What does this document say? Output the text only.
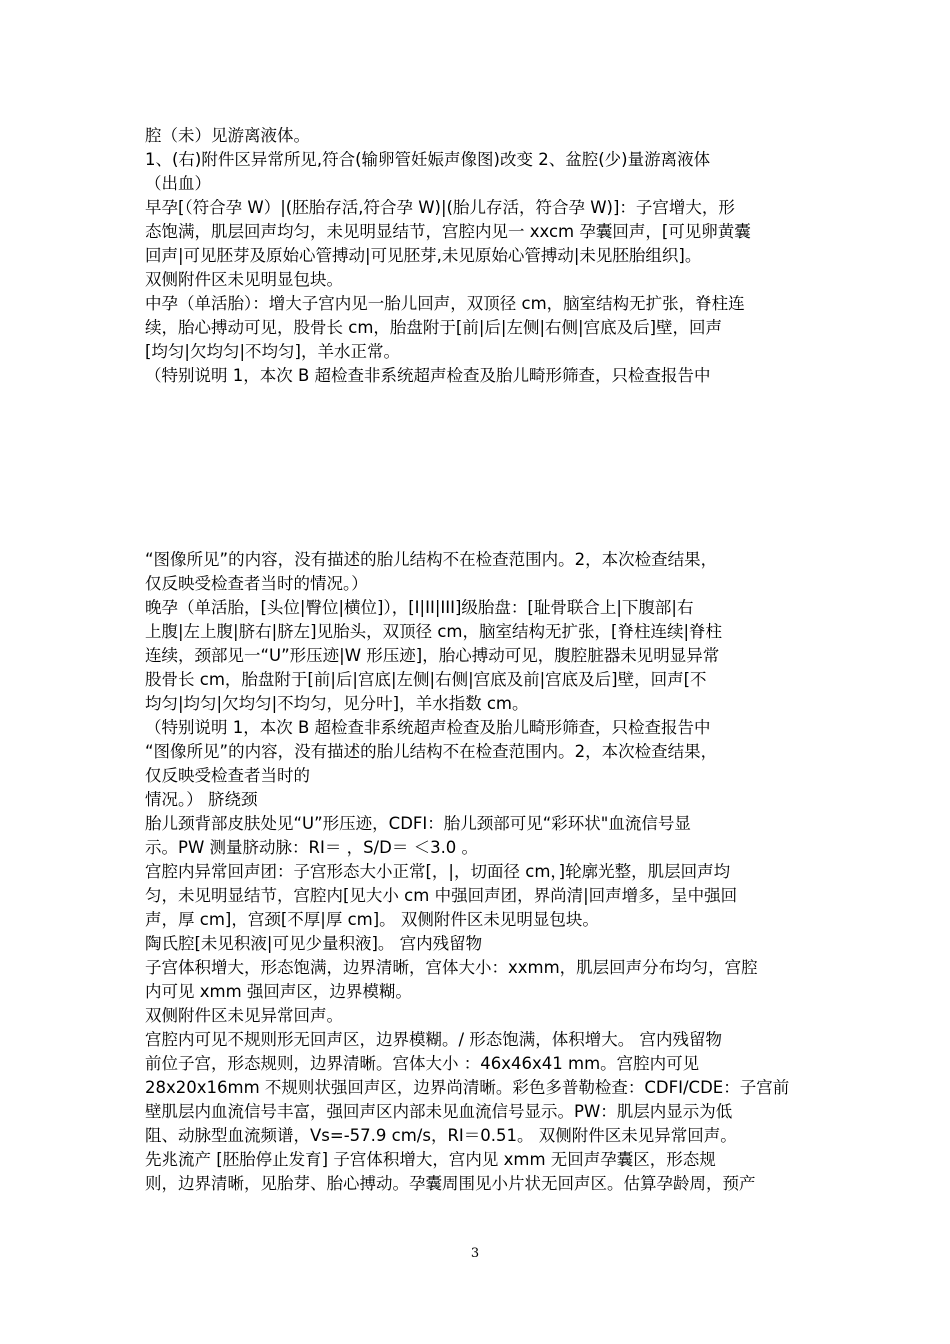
腔（未）见游离液体。
1、(右)附件区异常所见,符合(输卵管妊娠声像图)改变 2、盆腔(少)量游离液体
（出血）
早孕[（符合孕 W）|(胚胎存活,符合孕 W)|(胎儿存活，符合孕 W)]：子宫增大，形
态饱满，肌层回声均匀，未见明显结节，宫腔内见一 xxcm 孕囊回声，[可见卵黄囊
回声|可见胚芽及原始心管搏动|可见胚芽,未见原始心管搏动|未见胚胎组织]。
双侧附件区未见明显包块。
中孕（单活胎）：增大子宫内见一胎儿回声，双顶径 cm，脑室结构无扩张，脊柱连
续，胎心搏动可见，股骨长 cm，胎盘附于[前|后|左侧|右侧|宫底及后]壁，回声
[均匀|欠均匀|不均匀]，羊水正常。
（特别说明 1，本次 B 超检查非系统超声检查及胎儿畸形筛查，只检查报告中
“图像所见”的内容，没有描述的胎儿结构不在检查范围内。2，本次检查结果，
仅反映受检查者当时的情况。）
晚孕（单活胎，[头位|臀位|横位]），[I|II|III]级胎盘：[耻骨联合上|下腹部|右
上腹|左上腹|脐右|脐左]见胎头，双顶径 cm，脑室结构无扩张，[脊柱连续|脊柱
连续，颈部见一“U”形压迹|W 形压迹]，胎心搏动可见，腹腔脏器未见明显异常
股骨长 cm，胎盘附于[前|后|宫底|左侧|右侧|宫底及前|宫底及后]壁，回声[不
均匀|均匀|欠均匀|不均匀，见分叶]，羊水指数 cm。
（特别说明 1，本次 B 超检查非系统超声检查及胎儿畸形筛查，只检查报告中
“图像所见”的内容，没有描述的胎儿结构不在检查范围内。2，本次检查结果，
仅反映受检查者当时的
情况。） 脐绕颈
胎儿颈背部皮肤处见“U”形压迹，CDFI：胎儿颈部可见“彩环状"血流信号显
示。PW 测量脐动脉：RI＝ ，S/D＝ ＜3.0 。
宫腔内异常回声团：子宫形态大小正常[，|，切面径 cm，]轮廓光整，肌层回声均
匀，未见明显结节，宫腔内[见大小 cm 中强回声团，界尚清|回声增多，呈中强回
声，厚 cm]，宫颈[不厚|厚 cm]。 双侧附件区未见明显包块。
陶氏腔[未见积液|可见少量积液]。 宫内残留物
子宫体积增大，形态饱满，边界清晰，宫体大小：xxmm，肌层回声分布均匀，宫腔
内可见 xmm 强回声区，边界模糊。
双侧附件区未见异常回声。
宫腔内可见不规则形无回声区，边界模糊。/ 形态饱满，体积增大。 宫内残留物
前位子宫，形态规则，边界清晰。宫体大小 ：46x46x41 mm。宫腔内可见
28x20x16mm 不规则状强回声区，边界尚清晰。彩色多普勒检查：CDFI/CDE：子宫前
壁肌层内血流信号丰富，强回声区内部未见血流信号显示。PW：肌层内显示为低
阻、动脉型血流频谱，Vs=-57.9 cm/s，RI＝0.51。 双侧附件区未见异常回声。
先兆流产 [胚胎停止发育] 子宫体积增大，宫内见 xmm 无回声孕囊区，形态规
则，边界清晰，见胎芽、胎心搏动。孕囊周围见小片状无回声区。估算孕龄周，预产
3
